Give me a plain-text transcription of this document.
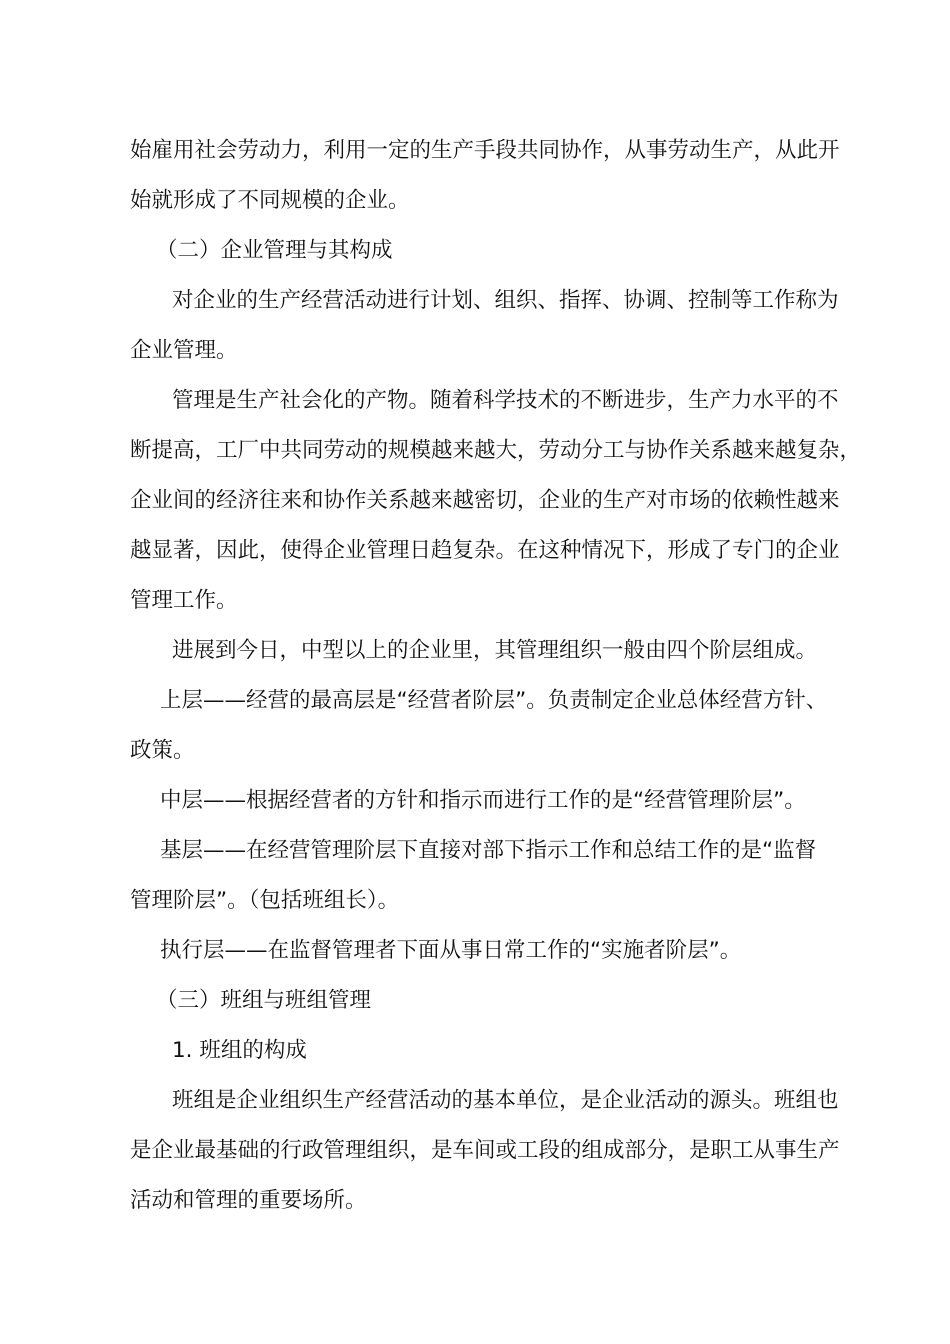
始雇用社会劳动力，利用一定的生产手段共同协作，从事劳动生产，从此开
始就形成了不同规模的企业。
（二）企业管理与其构成
对企业的生产经营活动进行计划、组织、指挥、协调、控制等工作称为
企业管理。
管理是生产社会化的产物。随着科学技术的不断进步，生产力水平的不
断提高，工厂中共同劳动的规模越来越大，劳动分工与协作关系越来越复杂，
企业间的经济往来和协作关系越来越密切，企业的生产对市场的依赖性越来
越显著，因此，使得企业管理日趋复杂。在这种情况下，形成了专门的企业
管理工作。
进展到今日，中型以上的企业里，其管理组织一般由四个阶层组成。
上层——经营的最高层是“经营者阶层”。负责制定企业总体经营方针、
政策。
中层——根据经营者的方针和指示而进行工作的是“经营管理阶层”。
基层——在经营管理阶层下直接对部下指示工作和总结工作的是“监督
管理阶层”。（包括班组长）。
执行层——在监督管理者下面从事日常工作的“实施者阶层”。
（三）班组与班组管理
1. 班组的构成
班组是企业组织生产经营活动的基本单位，是企业活动的源头。班组也
是企业最基础的行政管理组织，是车间或工段的组成部分，是职工从事生产
活动和管理的重要场所。
